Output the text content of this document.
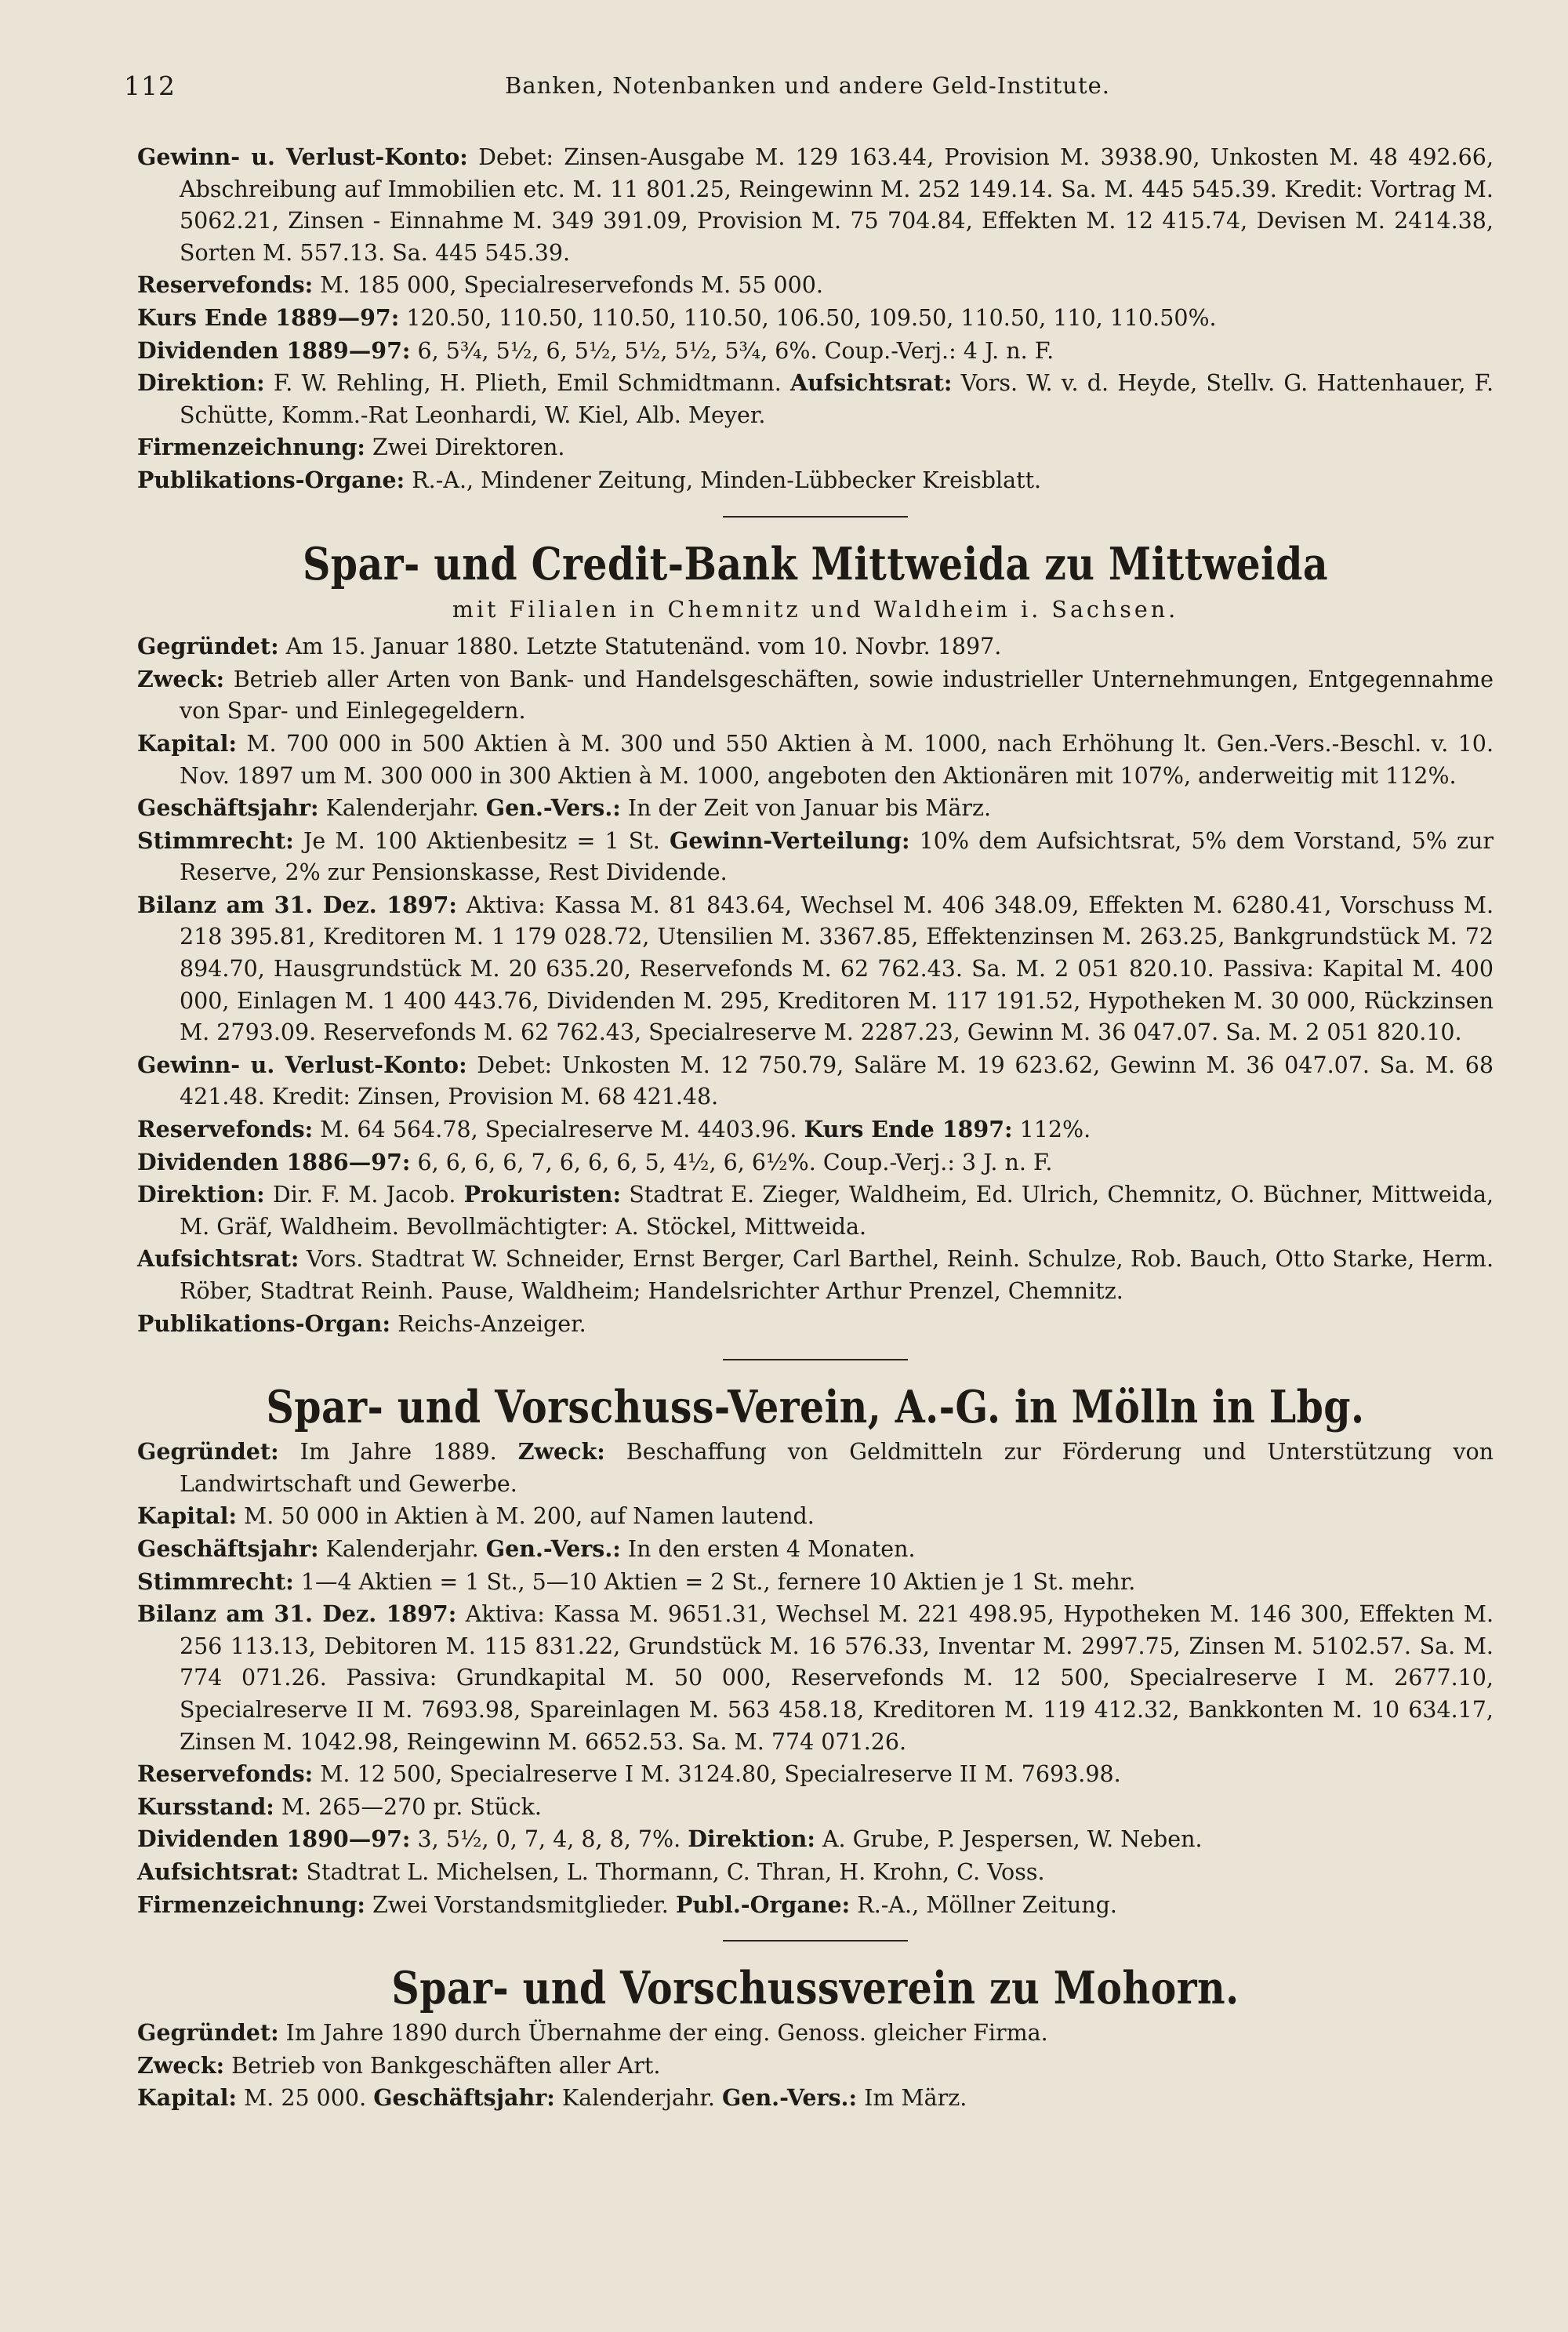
112	Banken, Notenbanken und andere Geld-Institute.

Gewinn- u. Verlust-Konto: Debet: Zinsen-Ausgabe M. 129 163.44, Provision M. 3938.90, Unkosten M. 48 492.66, Abschreibung auf Immobilien etc. M. 11 801.25, Reingewinn M. 252 149.14. Sa. M. 445 545.39. Kredit: Vortrag M. 5062.21, Zinsen - Einnahme M. 349 391.09, Provision M. 75 704.84, Effekten M. 12 415.74, Devisen M. 2414.38, Sorten M. 557.13. Sa. 445 545.39.

Reservefonds: M. 185 000, Specialreservefonds M. 55 000.

Kurs Ende 1889—97: 120.50, 110.50, 110.50, 110.50, 106.50, 109.50, 110.50, 110, 110.50%.

Dividenden 1889—97: 6, 5¾, 5½, 6, 5½, 5½, 5½, 5¾, 6%. Coup.-Verj.: 4 J. n. F.

Direktion: F. W. Rehling, H. Plieth, Emil Schmidtmann. Aufsichtsrat: Vors. W. v. d. Heyde, Stellv. G. Hattenhauer, F. Schütte, Komm.-Rat Leonhardi, W. Kiel, Alb. Meyer.

Firmenzeichnung: Zwei Direktoren.

Publikations-Organe: R.-A., Mindener Zeitung, Minden-Lübbecker Kreisblatt.

Spar- und Credit-Bank Mittweida zu Mittweida
mit Filialen in Chemnitz und Waldheim i. Sachsen.

Gegründet: Am 15. Januar 1880. Letzte Statutenänd. vom 10. Novbr. 1897.

Zweck: Betrieb aller Arten von Bank- und Handelsgeschäften, sowie industrieller Unternehmungen, Entgegennahme von Spar- und Einlegegeldern.

Kapital: M. 700 000 in 500 Aktien à M. 300 und 550 Aktien à M. 1000, nach Erhöhung lt. Gen.-Vers.-Beschl. v. 10. Nov. 1897 um M. 300 000 in 300 Aktien à M. 1000, angeboten den Aktionären mit 107%, anderweitig mit 112%.

Geschäftsjahr: Kalenderjahr. Gen.-Vers.: In der Zeit von Januar bis März.

Stimmrecht: Je M. 100 Aktienbesitz = 1 St. Gewinn-Verteilung: 10% dem Aufsichtsrat, 5% dem Vorstand, 5% zur Reserve, 2% zur Pensionskasse, Rest Dividende.

Bilanz am 31. Dez. 1897: Aktiva: Kassa M. 81 843.64, Wechsel M. 406 348.09, Effekten M. 6280.41, Vorschuss M. 218 395.81, Kreditoren M. 1 179 028.72, Utensilien M. 3367.85, Effektenzinsen M. 263.25, Bankgrundstück M. 72 894.70, Hausgrundstück M. 20 635.20, Reservefonds M. 62 762.43. Sa. M. 2 051 820.10. Passiva: Kapital M. 400 000, Einlagen M. 1 400 443.76, Dividenden M. 295, Kreditoren M. 117 191.52, Hypotheken M. 30 000, Rückzinsen M. 2793.09. Reservefonds M. 62 762.43, Specialreserve M. 2287.23, Gewinn M. 36 047.07. Sa. M. 2 051 820.10.

Gewinn- u. Verlust-Konto: Debet: Unkosten M. 12 750.79, Saläre M. 19 623.62, Gewinn M. 36 047.07. Sa. M. 68 421.48. Kredit: Zinsen, Provision M. 68 421.48.

Reservefonds: M. 64 564.78, Specialreserve M. 4403.96. Kurs Ende 1897: 112%.

Dividenden 1886—97: 6, 6, 6, 6, 7, 6, 6, 6, 5, 4½, 6, 6½%. Coup.-Verj.: 3 J. n. F.

Direktion: Dir. F. M. Jacob. Prokuristen: Stadtrat E. Zieger, Waldheim, Ed. Ulrich, Chemnitz, O. Büchner, Mittweida, M. Gräf, Waldheim. Bevollmächtigter: A. Stöckel, Mittweida.

Aufsichtsrat: Vors. Stadtrat W. Schneider, Ernst Berger, Carl Barthel, Reinh. Schulze, Rob. Bauch, Otto Starke, Herm. Röber, Stadtrat Reinh. Pause, Waldheim; Handelsrichter Arthur Prenzel, Chemnitz.

Publikations-Organ: Reichs-Anzeiger.

Spar- und Vorschuss-Verein, A.-G. in Mölln in Lbg.

Gegründet: Im Jahre 1889. Zweck: Beschaffung von Geldmitteln zur Förderung und Unterstützung von Landwirtschaft und Gewerbe.

Kapital: M. 50 000 in Aktien à M. 200, auf Namen lautend.

Geschäftsjahr: Kalenderjahr. Gen.-Vers.: In den ersten 4 Monaten.

Stimmrecht: 1—4 Aktien = 1 St., 5—10 Aktien = 2 St., fernere 10 Aktien je 1 St. mehr.

Bilanz am 31. Dez. 1897: Aktiva: Kassa M. 9651.31, Wechsel M. 221 498.95, Hypotheken M. 146 300, Effekten M. 256 113.13, Debitoren M. 115 831.22, Grundstück M. 16 576.33, Inventar M. 2997.75, Zinsen M. 5102.57. Sa. M. 774 071.26. Passiva: Grundkapital M. 50 000, Reservefonds M. 12 500, Specialreserve I M. 2677.10, Specialreserve II M. 7693.98, Spareinlagen M. 563 458.18, Kreditoren M. 119 412.32, Bankkonten M. 10 634.17, Zinsen M. 1042.98, Reingewinn M. 6652.53. Sa. M. 774 071.26.

Reservefonds: M. 12 500, Specialreserve I M. 3124.80, Specialreserve II M. 7693.98.

Kursstand: M. 265—270 pr. Stück.

Dividenden 1890—97: 3, 5½, 0, 7, 4, 8, 8, 7%. Direktion: A. Grube, P. Jespersen, W. Neben.

Aufsichtsrat: Stadtrat L. Michelsen, L. Thormann, C. Thran, H. Krohn, C. Voss.

Firmenzeichnung: Zwei Vorstandsmitglieder. Publ.-Organe: R.-A., Möllner Zeitung.

Spar- und Vorschussverein zu Mohorn.

Gegründet: Im Jahre 1890 durch Übernahme der eing. Genoss. gleicher Firma.

Zweck: Betrieb von Bankgeschäften aller Art.

Kapital: M. 25 000. Geschäftsjahr: Kalenderjahr. Gen.-Vers.: Im März.
